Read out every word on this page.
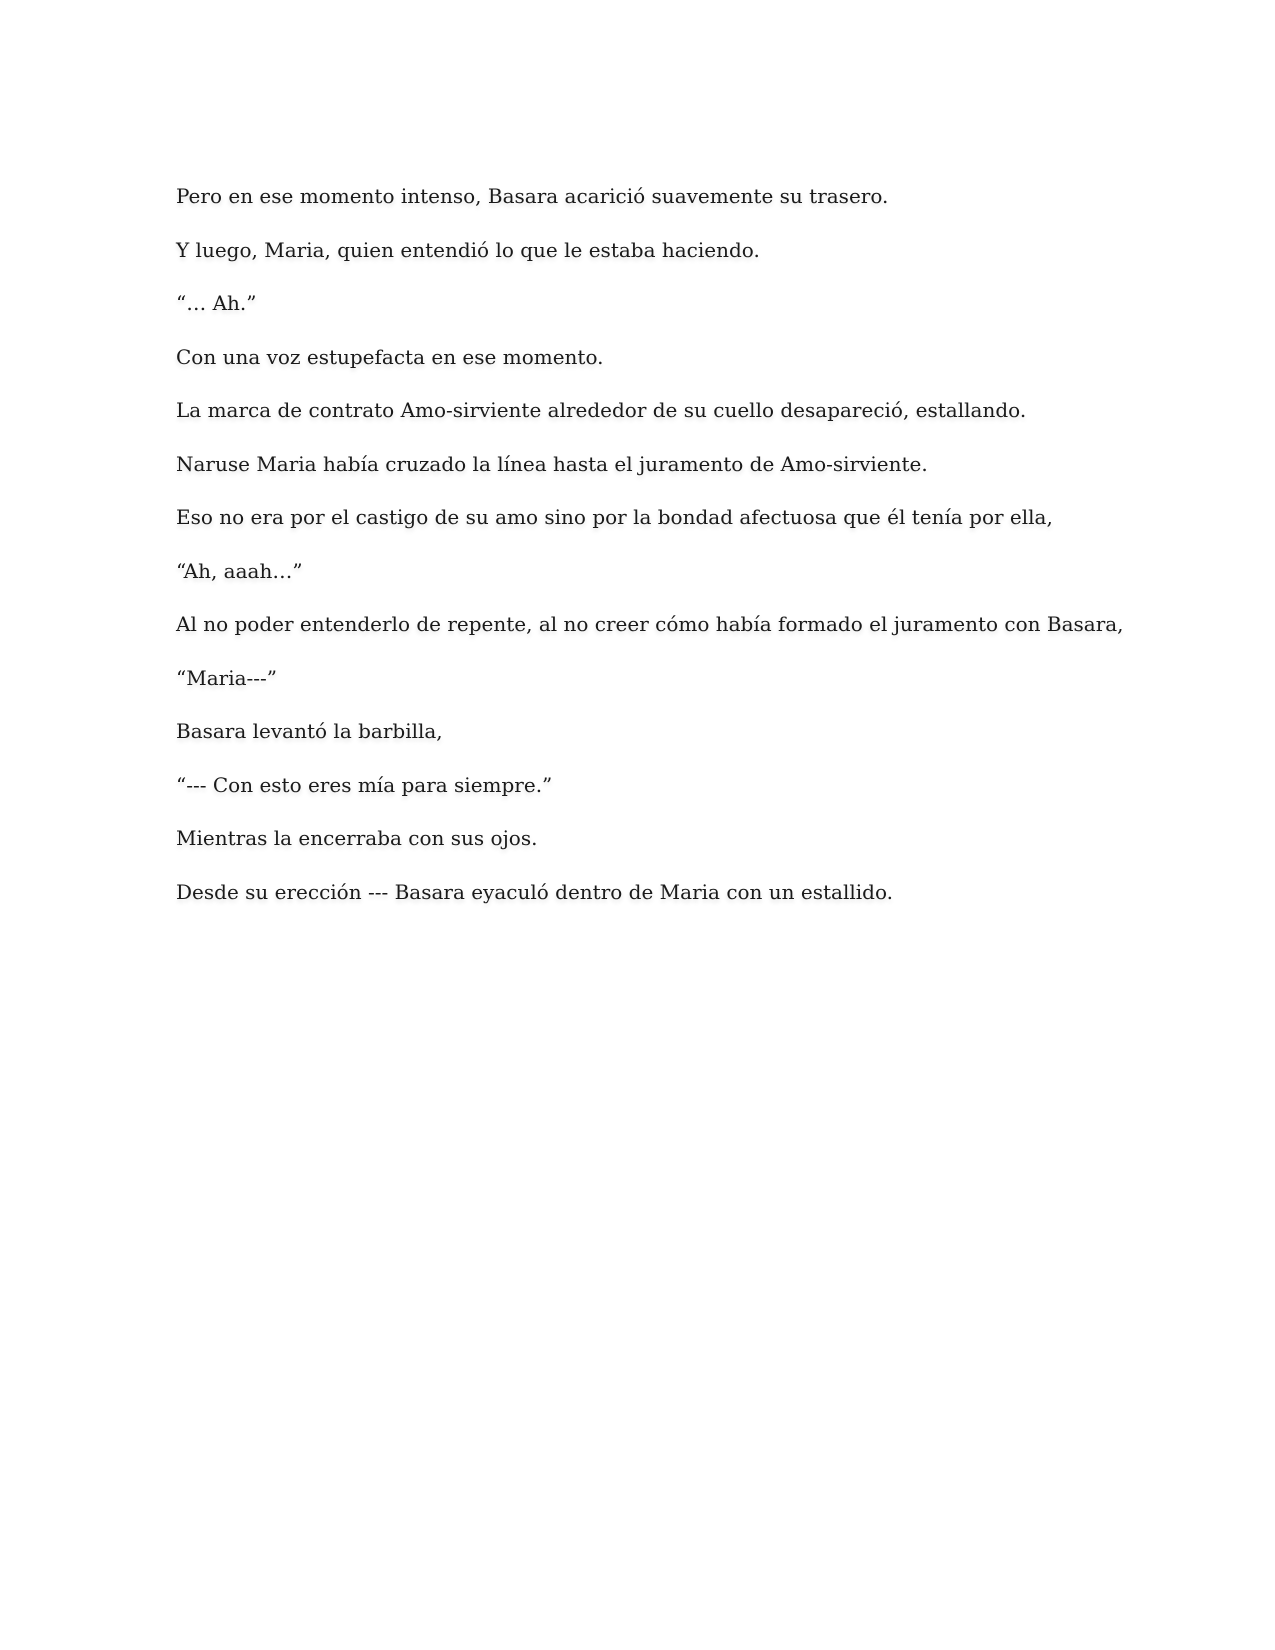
Pero en ese momento intenso, Basara acarició suavemente su trasero.

Y luego, Maria, quien entendió lo que le estaba haciendo.

“… Ah.”

Con una voz estupefacta en ese momento.

La marca de contrato Amo-sirviente alrededor de su cuello desapareció, estallando.

Naruse Maria había cruzado la línea hasta el juramento de Amo-sirviente.

Eso no era por el castigo de su amo sino por la bondad afectuosa que él tenía por ella,

“Ah, aaah…”

Al no poder entenderlo de repente, al no creer cómo había formado el juramento con Basara,

“Maria---”

Basara levantó la barbilla,

“--- Con esto eres mía para siempre.”

Mientras la encerraba con sus ojos.

Desde su erección --- Basara eyaculó dentro de Maria con un estallido.
